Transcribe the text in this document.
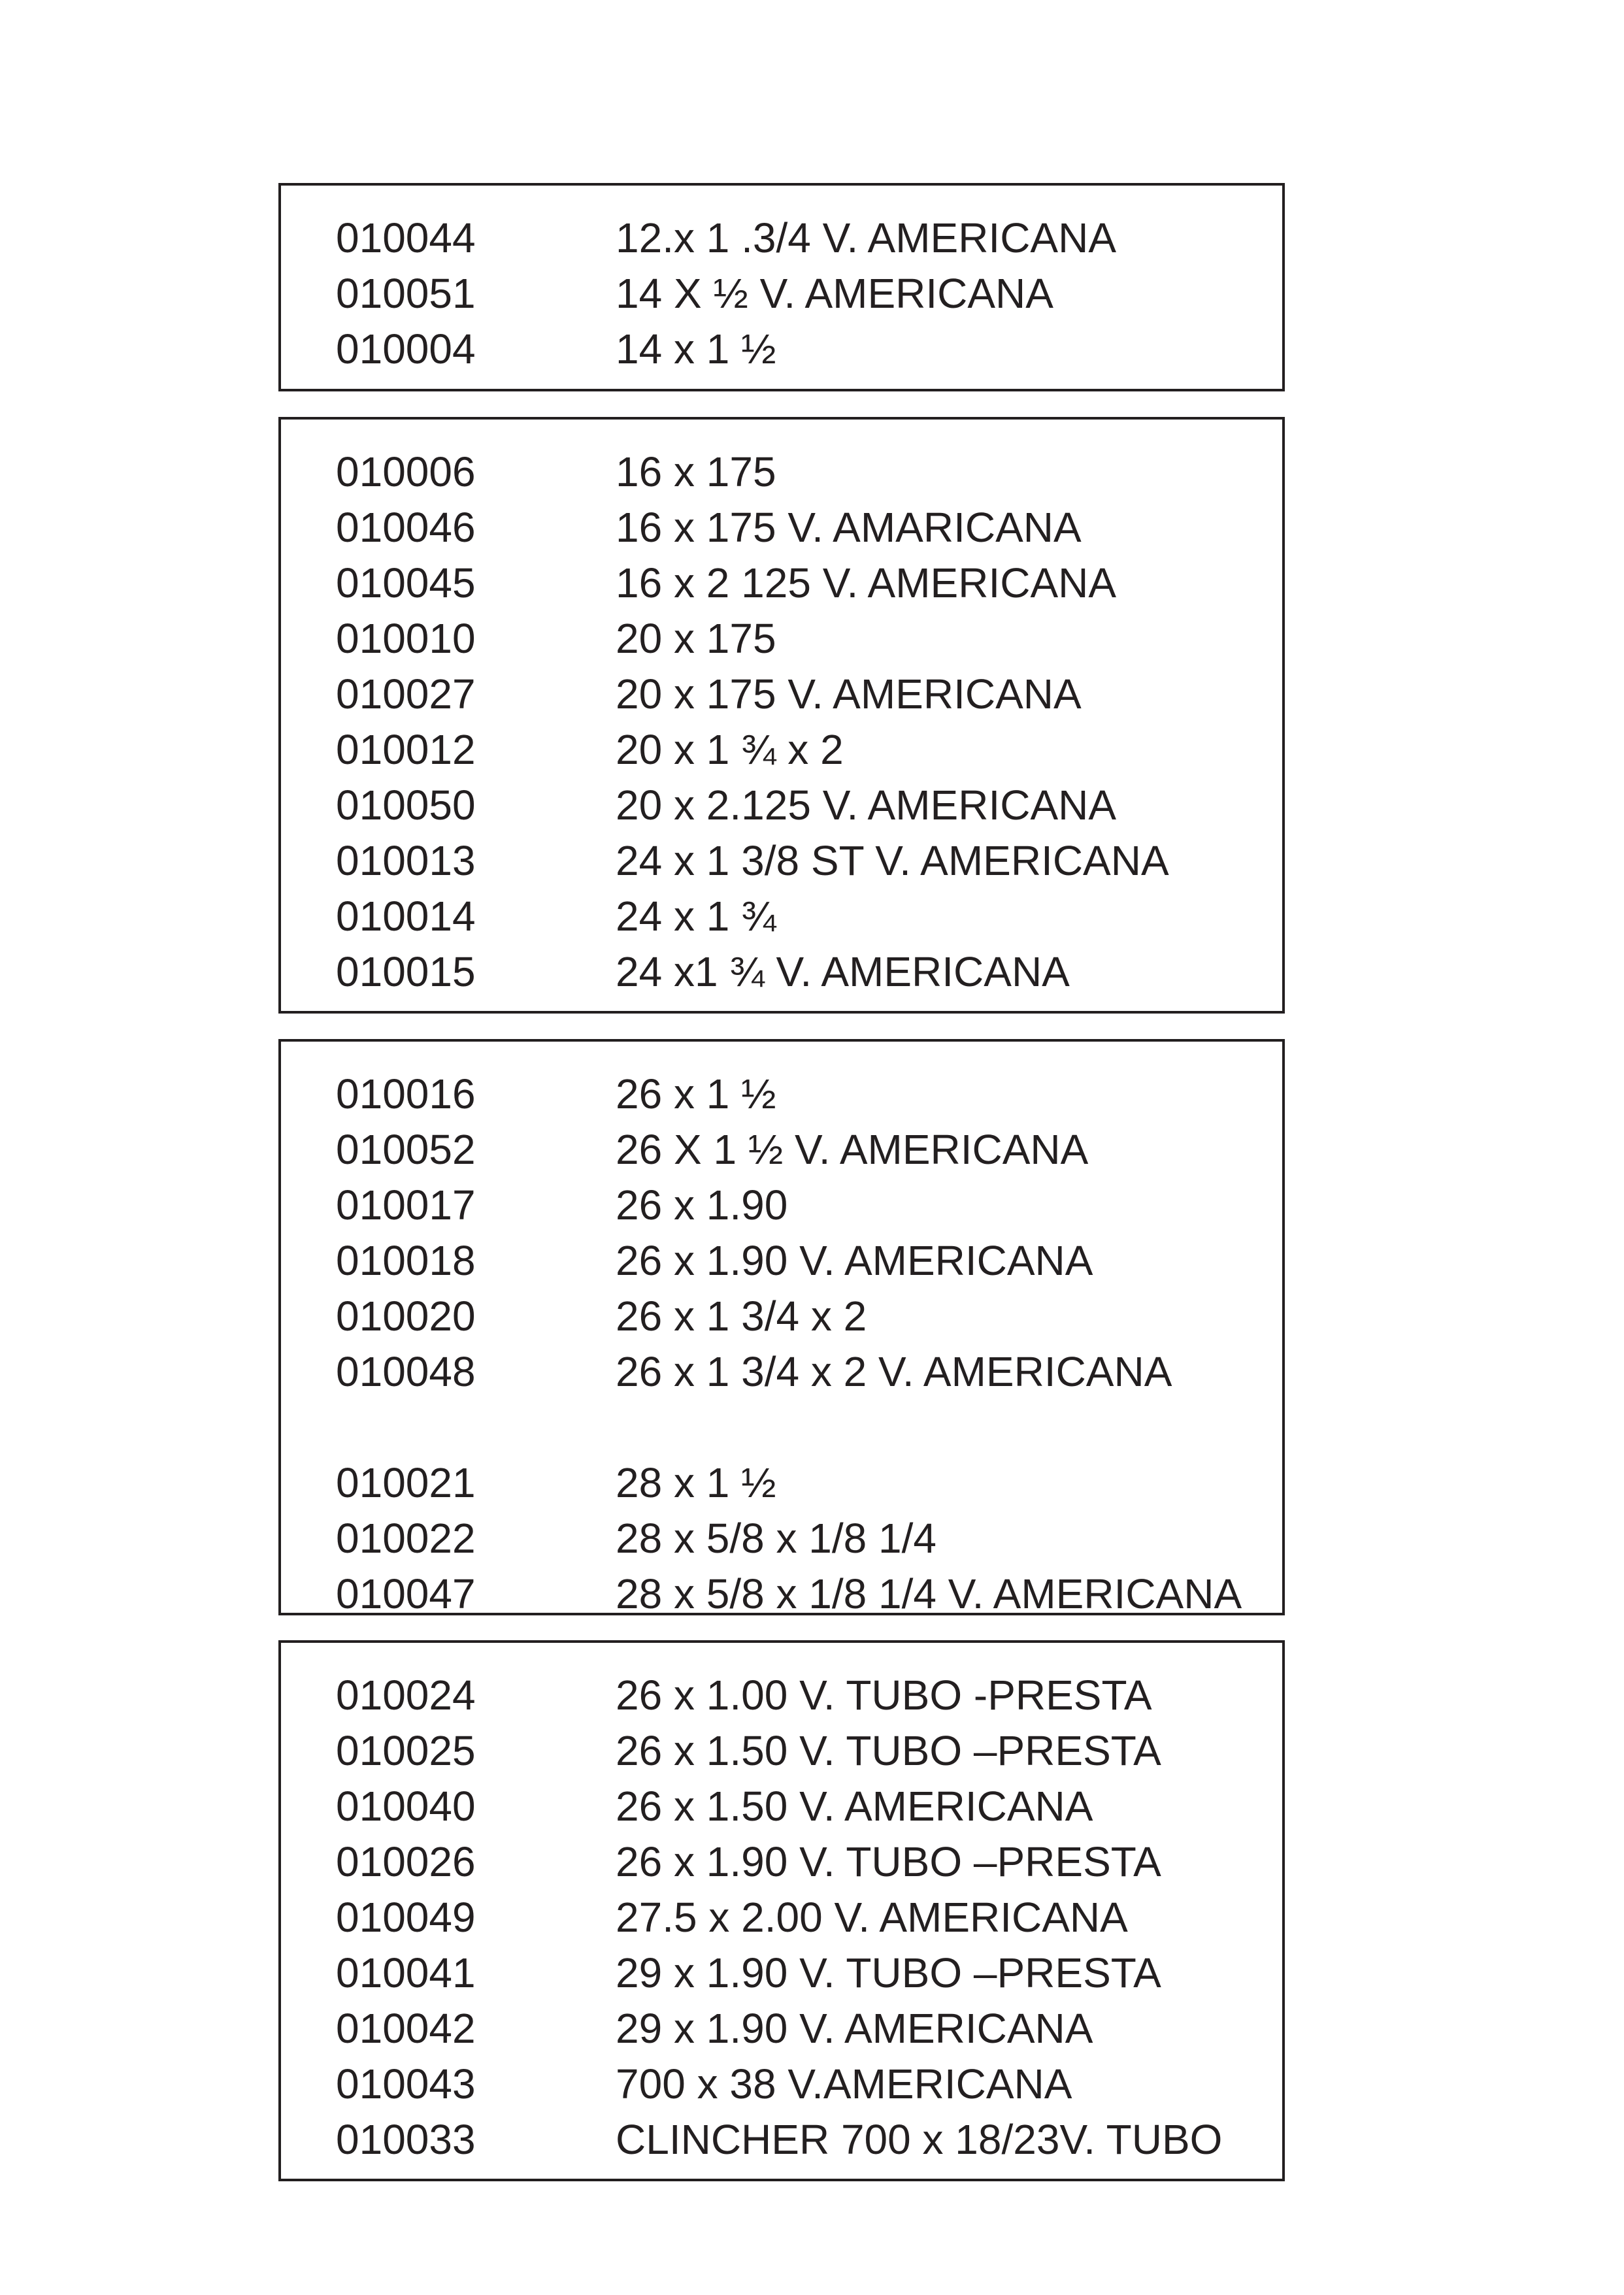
010044	12.x 1 .3/4 V. AMERICANA
010051	14 X ½ V. AMERICANA
010004	14 x 1 ½
010006	16 x 175
010046	16 x 175 V. AMARICANA
010045	16 x 2 125 V. AMERICANA
010010	20 x 175
010027	20 x 175 V. AMERICANA
010012	20 x 1 ¾ x 2
010050	20 x 2.125 V. AMERICANA
010013	24 x 1 3/8 ST V. AMERICANA
010014	24 x 1 ¾
010015	24 x1 ¾ V. AMERICANA
010016	26 x 1 ½
010052	26 X 1 ½ V. AMERICANA
010017	26 x 1.90
010018	26 x 1.90 V. AMERICANA
010020	26 x 1 3/4 x 2
010048	26 x 1 3/4 x 2 V. AMERICANA
010021	28 x 1 ½
010022	28 x 5/8 x 1/8 1/4
010047	28 x 5/8 x 1/8 1/4 V. AMERICANA
010024	26 x 1.00 V. TUBO -PRESTA
010025	26 x 1.50 V. TUBO –PRESTA
010040	26 x 1.50 V. AMERICANA
010026	26 x 1.90 V. TUBO –PRESTA
010049	27.5 x 2.00 V. AMERICANA
010041	29 x 1.90 V. TUBO –PRESTA
010042	29 x 1.90 V. AMERICANA
010043	700 x 38 V.AMERICANA
010033	CLINCHER 700 x 18/23V. TUBO
